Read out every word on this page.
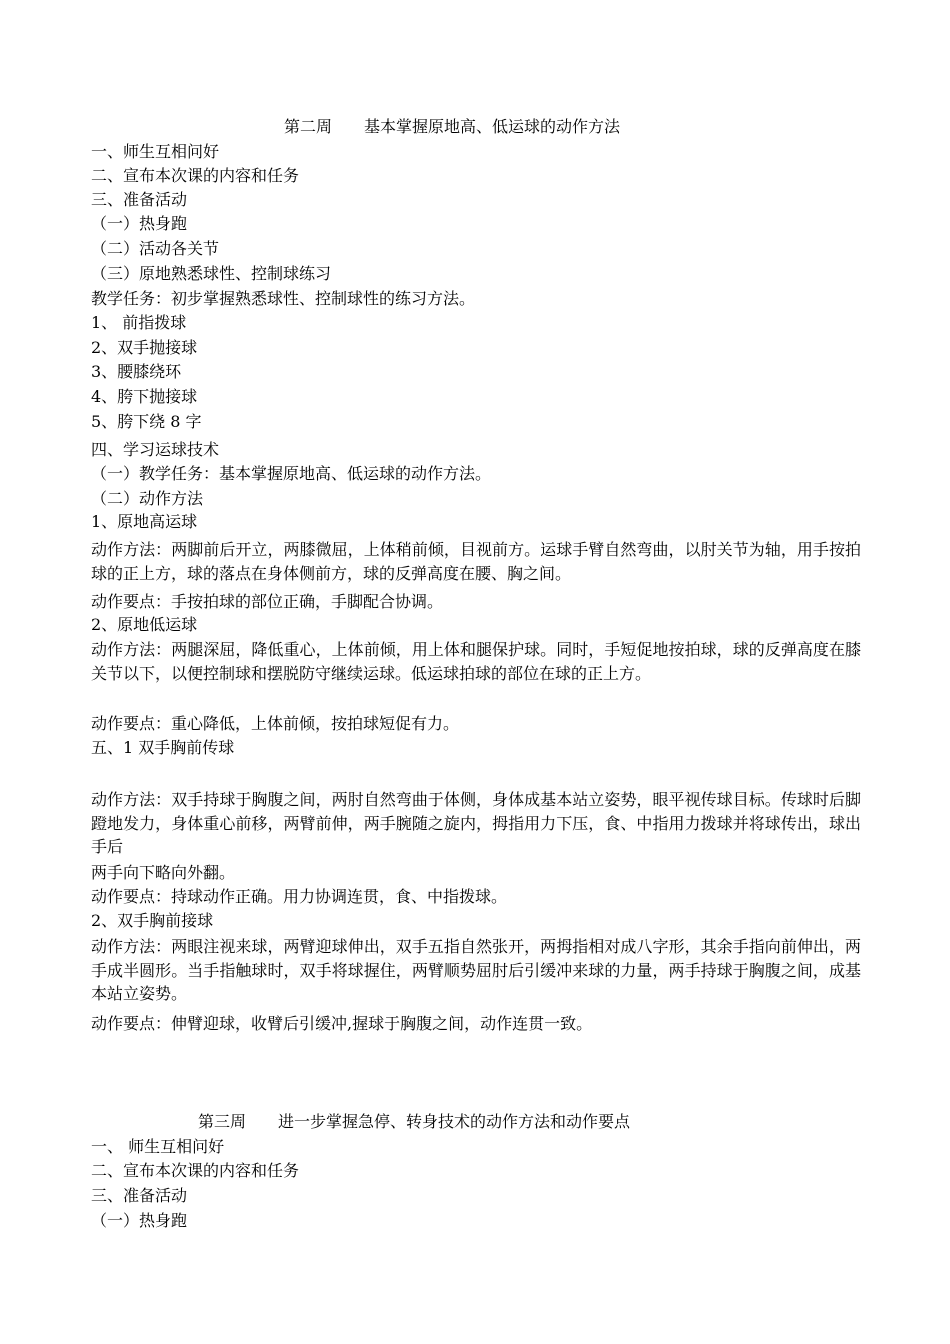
第二周　　基本掌握原地高、低运球的动作方法
一、师生互相问好
二、宣布本次课的内容和任务
三、准备活动
（一）热身跑
（二）活动各关节
（三）原地熟悉球性、控制球练习
教学任务：初步掌握熟悉球性、控制球性的练习方法。
1、 前指拨球
2、双手抛接球
3、腰膝绕环
4、胯下抛接球
5、胯下绕 8 字
四、学习运球技术
（一）教学任务：基本掌握原地高、低运球的动作方法。
（二）动作方法
1、原地高运球
动作方法：两脚前后开立，两膝微屈，上体稍前倾，目视前方。运球手臂自然弯曲，以肘关节为轴，用手按拍球的正上方，球的落点在身体侧前方，球的反弹高度在腰、胸之间。
动作要点：手按拍球的部位正确，手脚配合协调。
2、原地低运球
动作方法：两腿深屈，降低重心，上体前倾，用上体和腿保护球。同时，手短促地按拍球，球的反弹高度在膝关节以下，以便控制球和摆脱防守继续运球。低运球拍球的部位在球的正上方。
动作要点：重心降低，上体前倾，按拍球短促有力。
五、1 双手胸前传球
动作方法：双手持球于胸腹之间，两肘自然弯曲于体侧，身体成基本站立姿势，眼平视传球目标。传球时后脚蹬地发力，身体重心前移，两臂前伸，两手腕随之旋内，拇指用力下压，食、中指用力拨球并将球传出，球出手后
两手向下略向外翻。
动作要点：持球动作正确。用力协调连贯，食、中指拨球。
2、双手胸前接球
动作方法：两眼注视来球，两臂迎球伸出，双手五指自然张开，两拇指相对成八字形，其余手指向前伸出，两手成半圆形。当手指触球时，双手将球握住，两臂顺势屈肘后引缓冲来球的力量，两手持球于胸腹之间，成基本站立姿势。
动作要点：伸臂迎球，收臂后引缓冲,握球于胸腹之间，动作连贯一致。
第三周　　进一步掌握急停、转身技术的动作方法和动作要点
一、 师生互相问好
二、宣布本次课的内容和任务
三、准备活动
（一）热身跑
